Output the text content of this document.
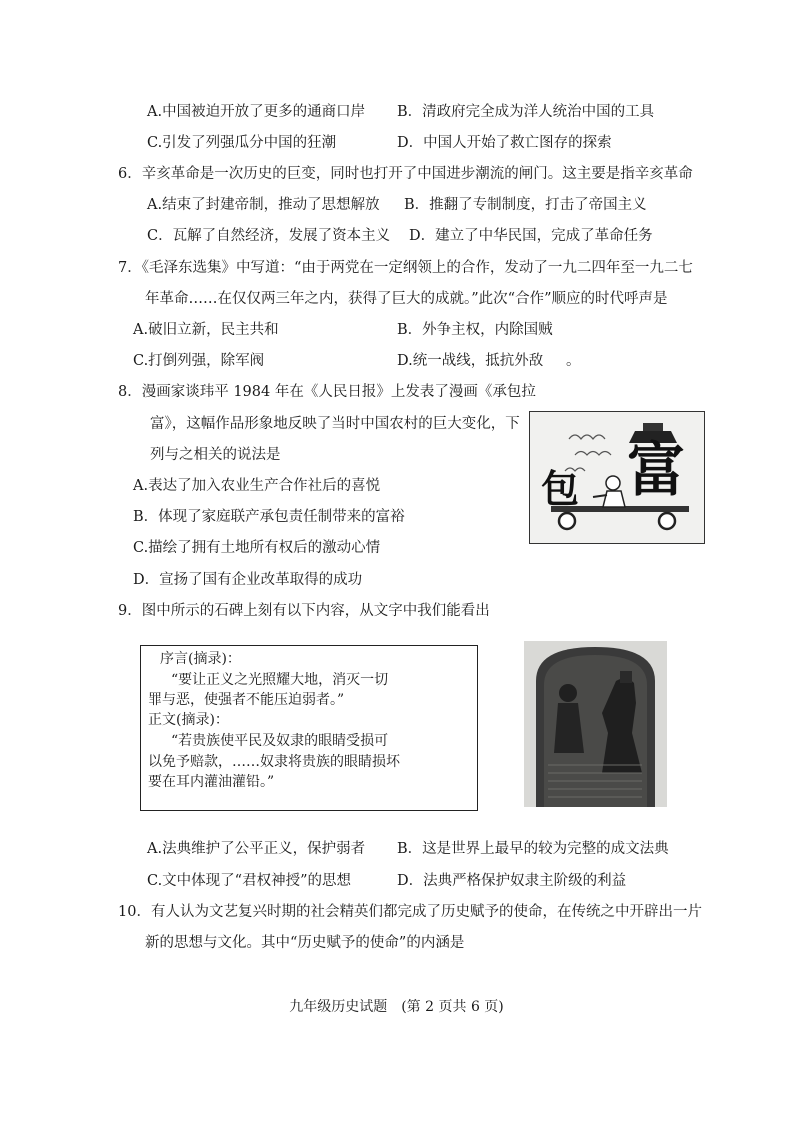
A.中国被迫开放了更多的通商口岸 B．清政府完全成为洋人统治中国的工具
C.引发了列强瓜分中国的狂潮	D．中国人开始了救亡图存的探索
6．辛亥革命是一次历史的巨变，同时也打开了中国进步潮流的闸门。这主要是指辛亥革命
A.结束了封建帝制，推动了思想解放 B．推翻了专制制度，打击了帝国主义
C．瓦解了自然经济，发展了资本主义 D．建立了中华民国，完成了革命任务
7．《毛泽东选集》中写道：“由于两党在一定纲领上的合作，发动了一九二四年至一九二七
年革命……在仅仅两三年之内，获得了巨大的成就。”此次“合作”顺应的时代呼声是
A.破旧立新，民主共和	B．外争主权，内除国贼
C.打倒列强，除军阀	D.统一战线，抵抗外敌 。
8．漫画家谈玮平 1984 年在《人民日报》上发表了漫画《承包拉
富》，这幅作品形象地反映了当时中国农村的巨大变化，下
列与之相关的说法是
A.表达了加入农业生产合作社后的喜悦
B．体现了家庭联产承包责任制带来的富裕
C.描绘了拥有土地所有权后的激动心情
D．宣扬了国有企业改革取得的成功
包 富
9．图中所示的石碑上刻有以下内容，从文字中我们能看出
序言(摘录)：
“要让正义之光照耀大地，消灭一切
罪与恶，使强者不能压迫弱者。”
正文(摘录)：
“若贵族使平民及奴隶的眼睛受损可
以免予赔款，……奴隶将贵族的眼睛损坏
要在耳内灌油灌铅。”
A.法典维护了公平正义，保护弱者 B．这是世界上最早的较为完整的成文法典
C.文中体现了“君权神授”的思想	D．法典严格保护奴隶主阶级的利益
10．有人认为文艺复兴时期的社会精英们都完成了历史赋予的使命，在传统之中开辟出一片
新的思想与文化。其中“历史赋予的使命”的内涵是
九年级历史试题　(第 2 页共 6 页)
